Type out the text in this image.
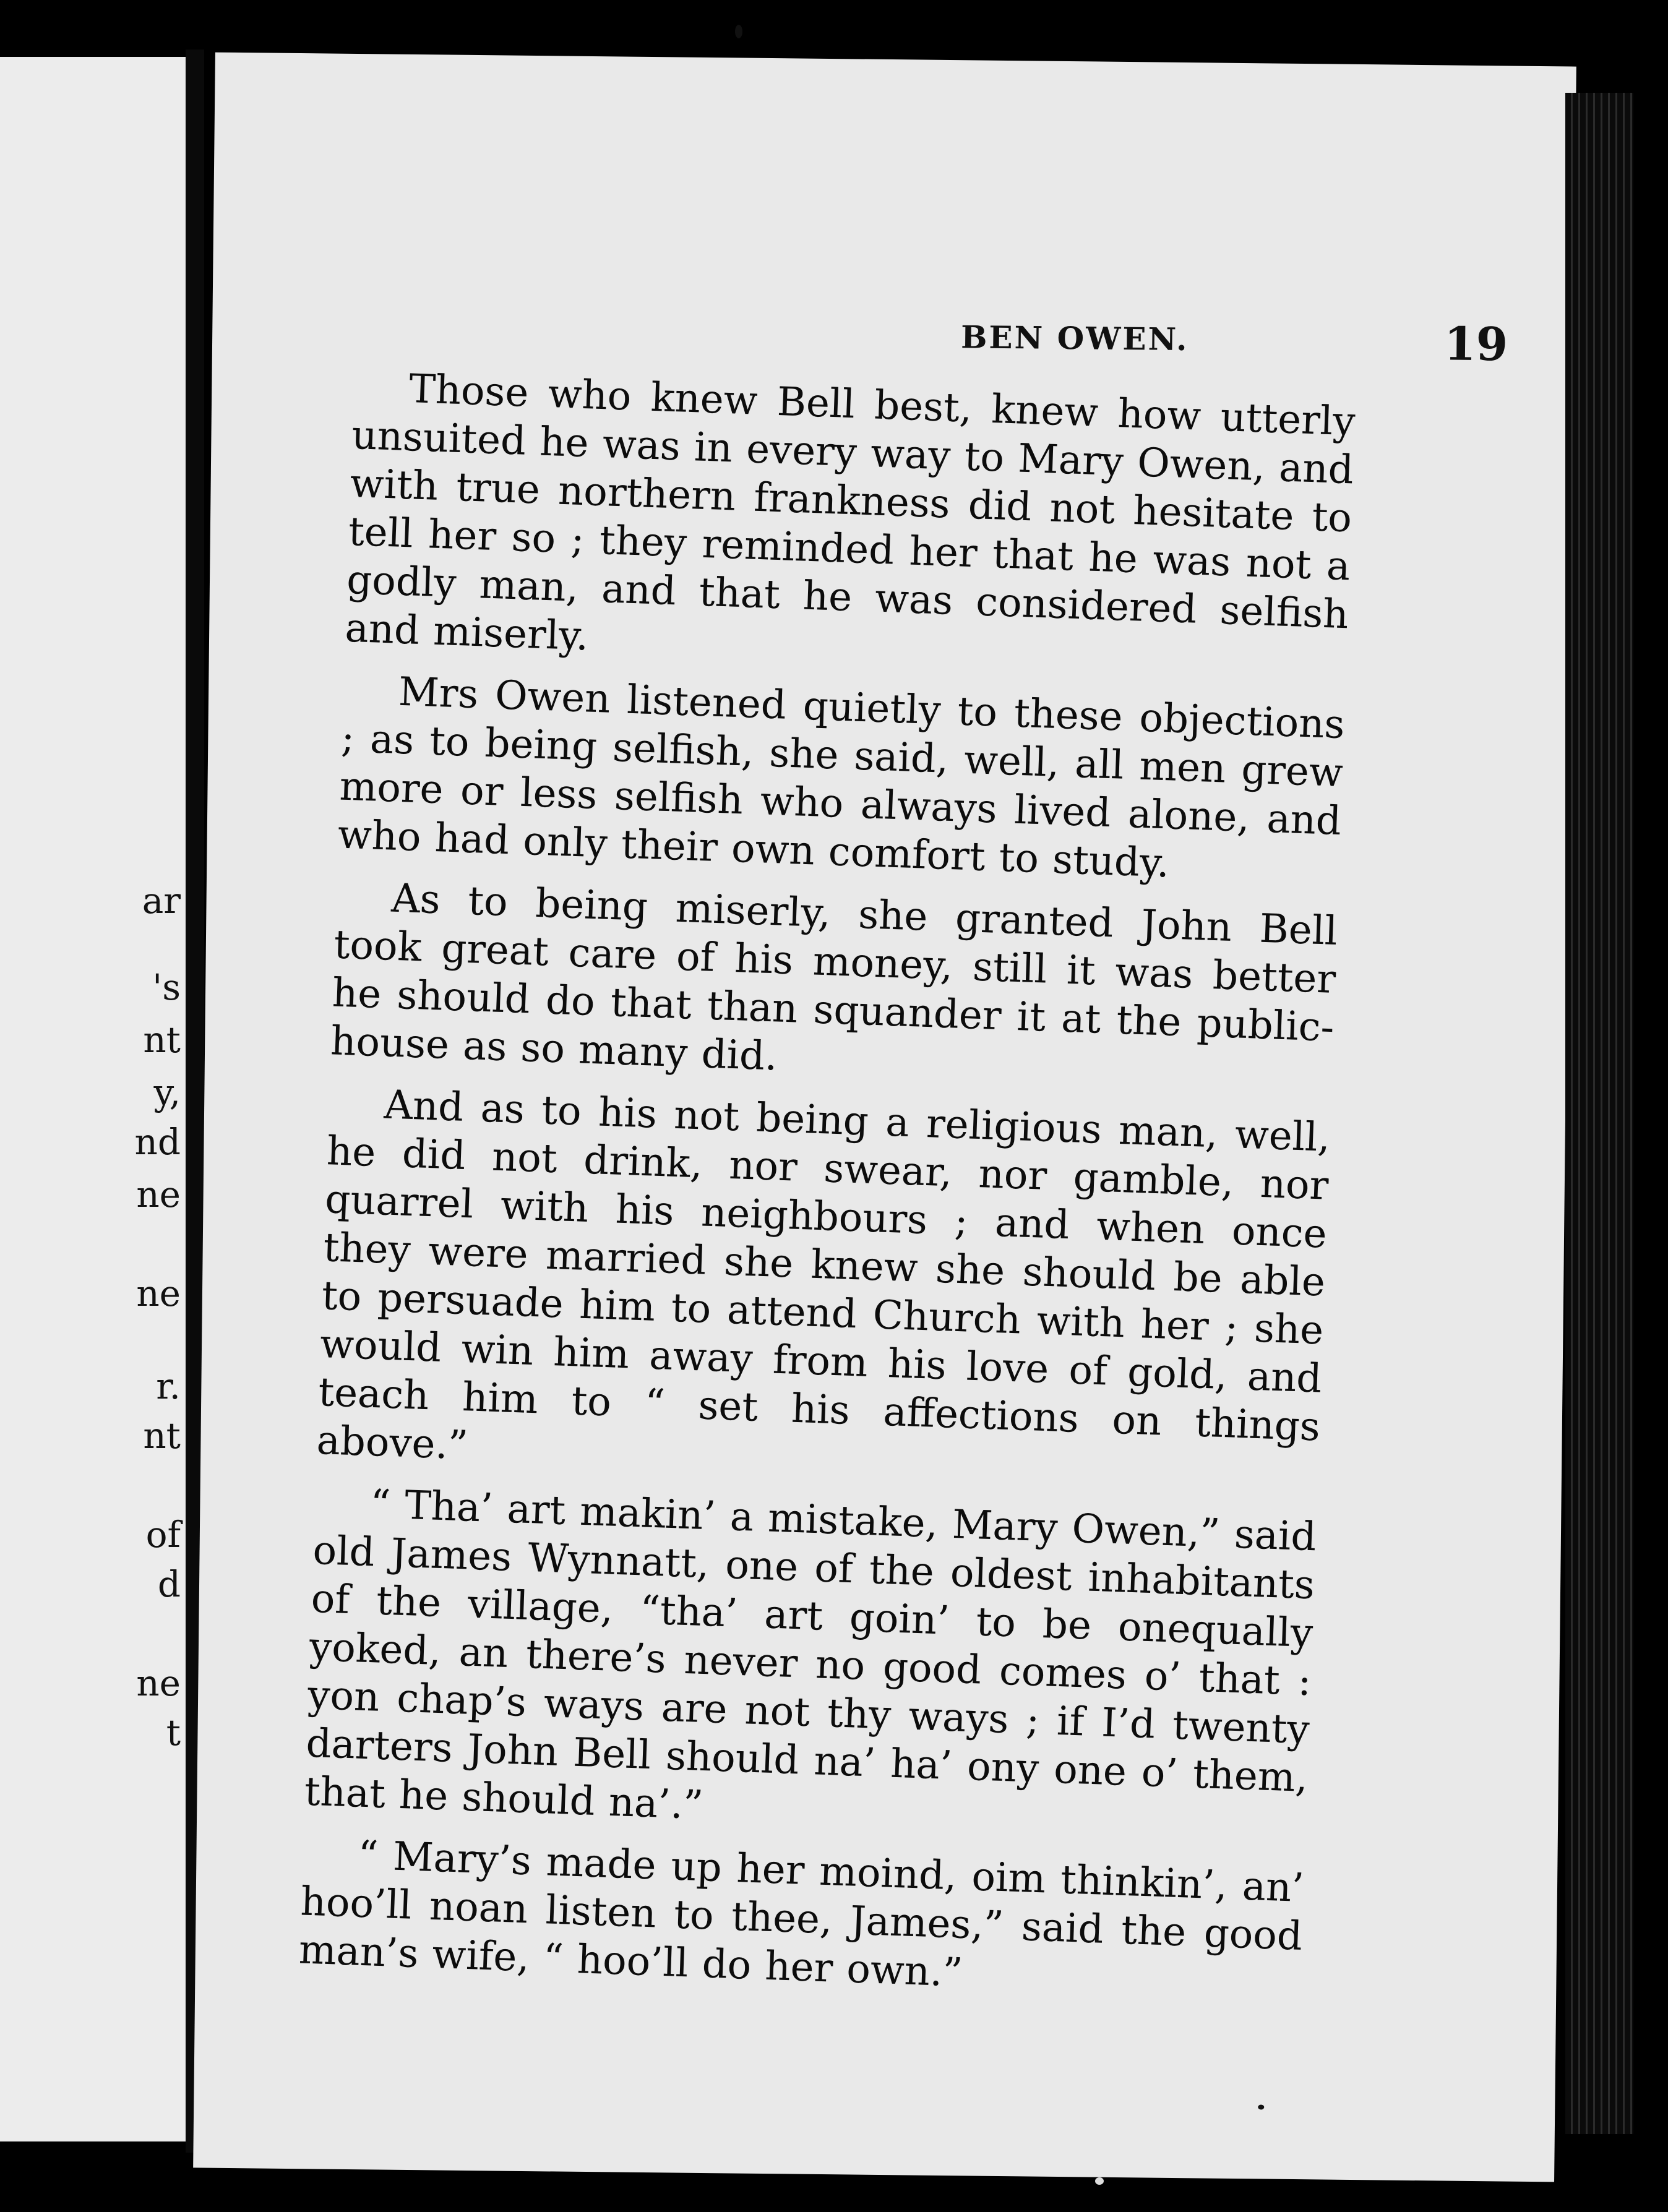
ar
's
nt
y,
nd
ne
ne
r.
nt
of
d
ne
t
BEN OWEN.	19

Those who knew Bell best, knew how utterly unsuited he was in every way to Mary Owen, and with true northern frankness did not hesitate to tell her so ; they reminded her that he was not a godly man, and that he was considered selfish and miserly.

Mrs Owen listened quietly to these objections ; as to being selfish, she said, well, all men grew more or less selfish who always lived alone, and who had only their own comfort to study.

As to being miserly, she granted John Bell took great care of his money, still it was better he should do that than squander it at the public-house as so many did.

And as to his not being a religious man, well, he did not drink, nor swear, nor gamble, nor quarrel with his neighbours ; and when once they were married she knew she should be able to persuade him to attend Church with her ; she would win him away from his love of gold, and teach him to “ set his affections on things above.”

“ Tha’ art makin’ a mistake, Mary Owen,” said old James Wynnatt, one of the oldest inhabitants of the village, “tha’ art goin’ to be onequally yoked, an there’s never no good comes o’ that : yon chap’s ways are not thy ways ; if I’d twenty darters John Bell should na’ ha’ ony one o’ them, that he should na’.”

“ Mary’s made up her moind, oim thinkin’, an’ hoo’ll noan listen to thee, James,” said the good man’s wife, “ hoo’ll do her own.”
